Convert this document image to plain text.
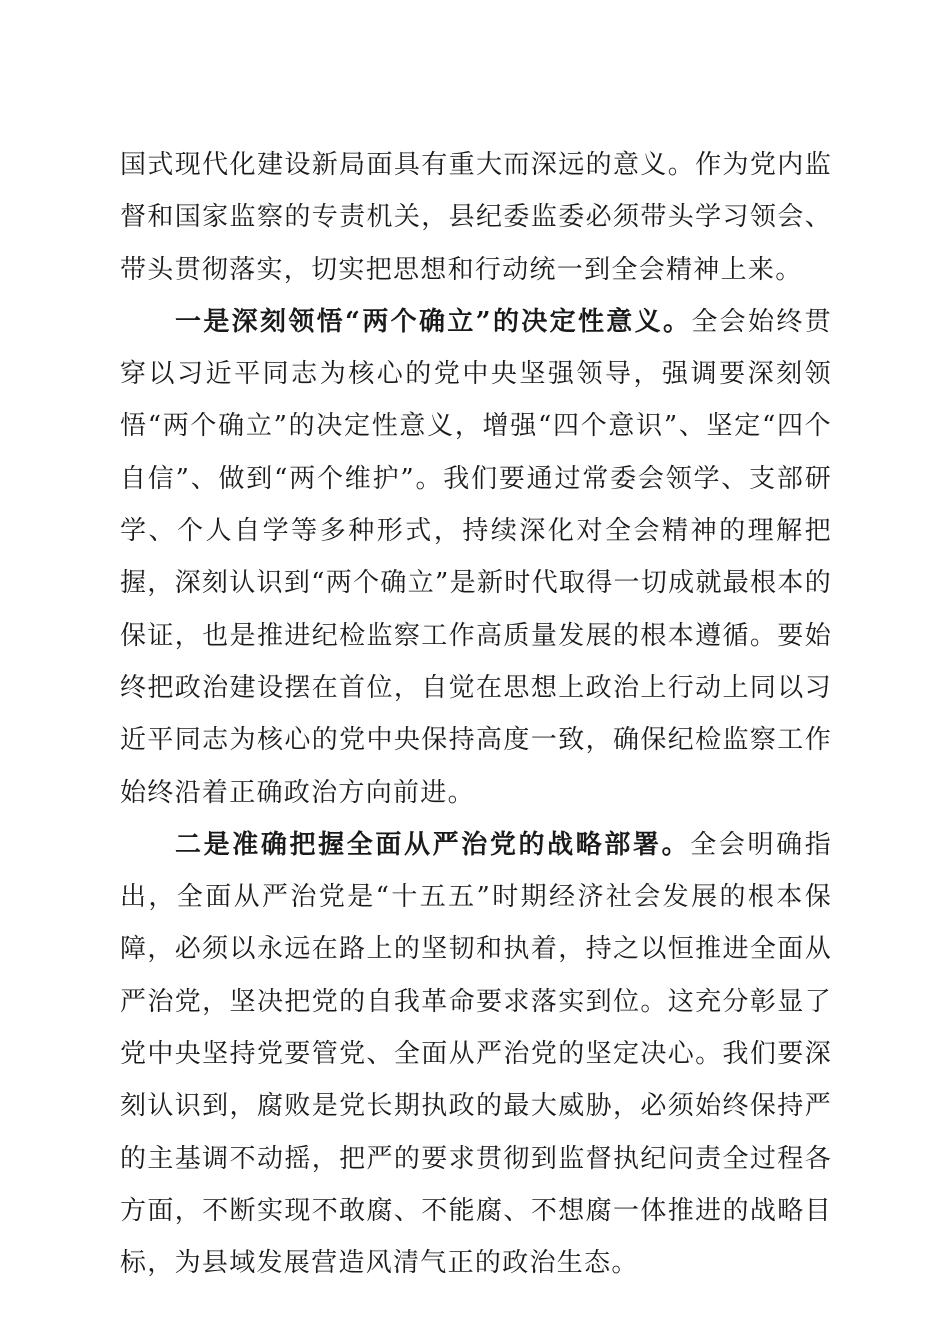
国式现代化建设新局面具有重大而深远的意义。作为党内监督和国家监察的专责机关，县纪委监委必须带头学习领会、带头贯彻落实，切实把思想和行动统一到全会精神上来。

一是深刻领悟“两个确立”的决定性意义。全会始终贯穿以习近平同志为核心的党中央坚强领导，强调要深刻领悟“两个确立”的决定性意义，增强“四个意识”、坚定“四个自信”、做到“两个维护”。我们要通过常委会领学、支部研学、个人自学等多种形式，持续深化对全会精神的理解把握，深刻认识到“两个确立”是新时代取得一切成就最根本的保证，也是推进纪检监察工作高质量发展的根本遵循。要始终把政治建设摆在首位，自觉在思想上政治上行动上同以习近平同志为核心的党中央保持高度一致，确保纪检监察工作始终沿着正确政治方向前进。

二是准确把握全面从严治党的战略部署。全会明确指出，全面从严治党是“十五五”时期经济社会发展的根本保障，必须以永远在路上的坚韧和执着，持之以恒推进全面从严治党，坚决把党的自我革命要求落实到位。这充分彰显了党中央坚持党要管党、全面从严治党的坚定决心。我们要深刻认识到，腐败是党长期执政的最大威胁，必须始终保持严的主基调不动摇，把严的要求贯彻到监督执纪问责全过程各方面，不断实现不敢腐、不能腐、不想腐一体推进的战略目标，为县域发展营造风清气正的政治生态。
